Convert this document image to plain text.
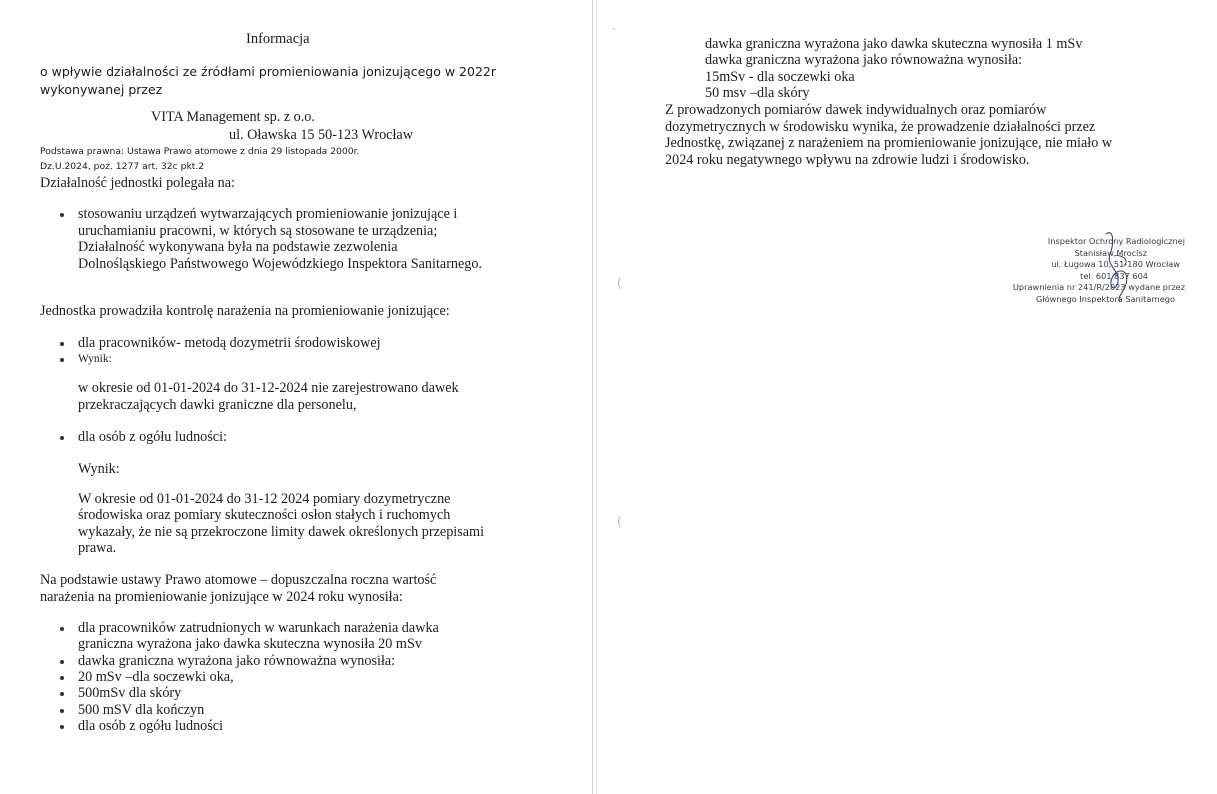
Informacja
o wpływie działalności ze źródłami promieniowania jonizującego w 2022r
wykonywanej przez
VITA Management sp. z o.o.
ul. Oławska 15 50-123 Wrocław
Podstawa prawna: Ustawa Prawo atomowe z dnia 29 listopada 2000r.
Dz.U.2024, poz. 1277 art. 32c pkt.2
Działalność jednostki polegała na:
stosowaniu urządzeń wytwarzających promieniowanie jonizujące i
uruchamianiu pracowni, w których są stosowane te urządzenia;
Działalność wykonywana była na podstawie zezwolenia
Dolnośląskiego Państwowego Wojewódzkiego Inspektora Sanitarnego.
Jednostka prowadziła kontrolę narażenia na promieniowanie jonizujące:
dla pracowników- metodą dozymetrii środowiskowej
Wynik:
w okresie od 01-01-2024 do 31-12-2024 nie zarejestrowano dawek
przekraczających dawki graniczne dla personelu,
dla osób z ogółu ludności:
Wynik:
W okresie od 01-01-2024 do 31-12 2024 pomiary dozymetryczne
środowiska oraz pomiary skuteczności osłon stałych i ruchomych
wykazały, że nie są przekroczone limity dawek określonych przepisami
prawa.
Na podstawie ustawy Prawo atomowe – dopuszczalna roczna wartość
narażenia na promieniowanie jonizujące w 2024 roku wynosiła:
dla pracowników zatrudnionych w warunkach narażenia dawka
graniczna wyrażona jako dawka skuteczna wynosiła 20 mSv
dawka graniczna wyrażona jako równoważna wynosiła:
20 mSv –dla soczewki oka,
500mSv dla skóry
500 mSV dla kończyn
dla osób z ogółu ludności
dawka graniczna wyrażona jako dawka skuteczna wynosiła 1 mSv
dawka graniczna wyrażona jako równoważna wynosiła:
15mSv - dla soczewki oka
50 msv –dla skóry
Z prowadzonych pomiarów dawek indywidualnych oraz pomiarów
dozymetrycznych w środowisku wynika, że prowadzenie działalności przez
Jednostkę, związanej z narażeniem na promieniowanie jonizujące, nie miało w
2024 roku negatywnego wpływu na zdrowie ludzi i środowisko.
·
(
(
Inspektor Ochrony Radiologicznej
Stanisław Mrocisz
ul. Ługowa 10, 51-180 Wrocław
tel. 601 837 604
Uprawnienia nr 241/R/2023 wydane przez
Głównego Inspektora Sanitarnego
